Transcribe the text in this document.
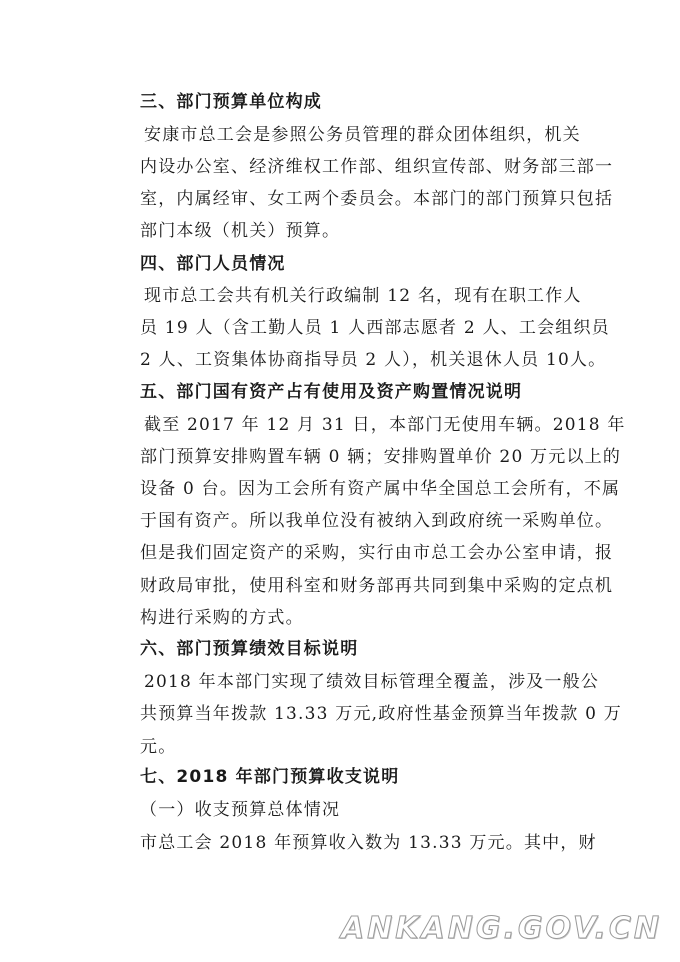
三、部门预算单位构成
安康市总工会是参照公务员管理的群众团体组织，机关
内设办公室、经济维权工作部、组织宣传部、财务部三部一
室，内属经审、女工两个委员会。本部门的部门预算只包括
部门本级（机关）预算。
四、部门人员情况
现市总工会共有机关行政编制 12 名，现有在职工作人
员 19 人（含工勤人员 1 人西部志愿者 2 人、工会组织员
2 人、工资集体协商指导员 2 人），机关退休人员 10人。
五、部门国有资产占有使用及资产购置情况说明
截至 2017 年 12 月 31 日，本部门无使用车辆。2018 年
部门预算安排购置车辆 0 辆；安排购置单价 20 万元以上的
设备 0 台。因为工会所有资产属中华全国总工会所有，不属
于国有资产。所以我单位没有被纳入到政府统一采购单位。
但是我们固定资产的采购，实行由市总工会办公室申请，报
财政局审批，使用科室和财务部再共同到集中采购的定点机
构进行采购的方式。
六、部门预算绩效目标说明
2018 年本部门实现了绩效目标管理全覆盖，涉及一般公
共预算当年拨款 13.33 万元,政府性基金预算当年拨款 0 万
元。
七、2018 年部门预算收支说明
（一）收支预算总体情况
市总工会 2018 年预算收入数为 13.33 万元。其中，财
ANKANG.GOV.CN
